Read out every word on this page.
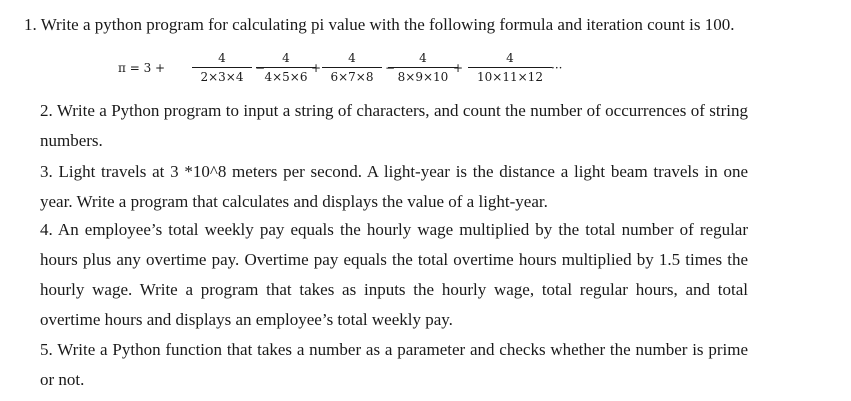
1. Write a python program for calculating pi value with the following formula and iteration count is 100.

π = 3 +
4
2×3×4
−
4
4×5×6
+
4
6×7×8
−
4
8×9×10
+
4
10×11×12
···

2. Write a Python program to input a string of characters, and count the number of occurrences of string numbers.

3. Light travels at 3 *10^8 meters per second. A light-year is the distance a light beam travels in one year. Write a program that calculates and displays the value of a light-year.

4. An employee’s total weekly pay equals the hourly wage multiplied by the total number of regular hours plus any overtime pay. Overtime pay equals the total overtime hours multiplied by 1.5 times the hourly wage. Write a program that takes as inputs the hourly wage, total regular hours, and total overtime hours and displays an employee’s total weekly pay.

5. Write a Python function that takes a number as a parameter and checks whether the number is prime or not.
